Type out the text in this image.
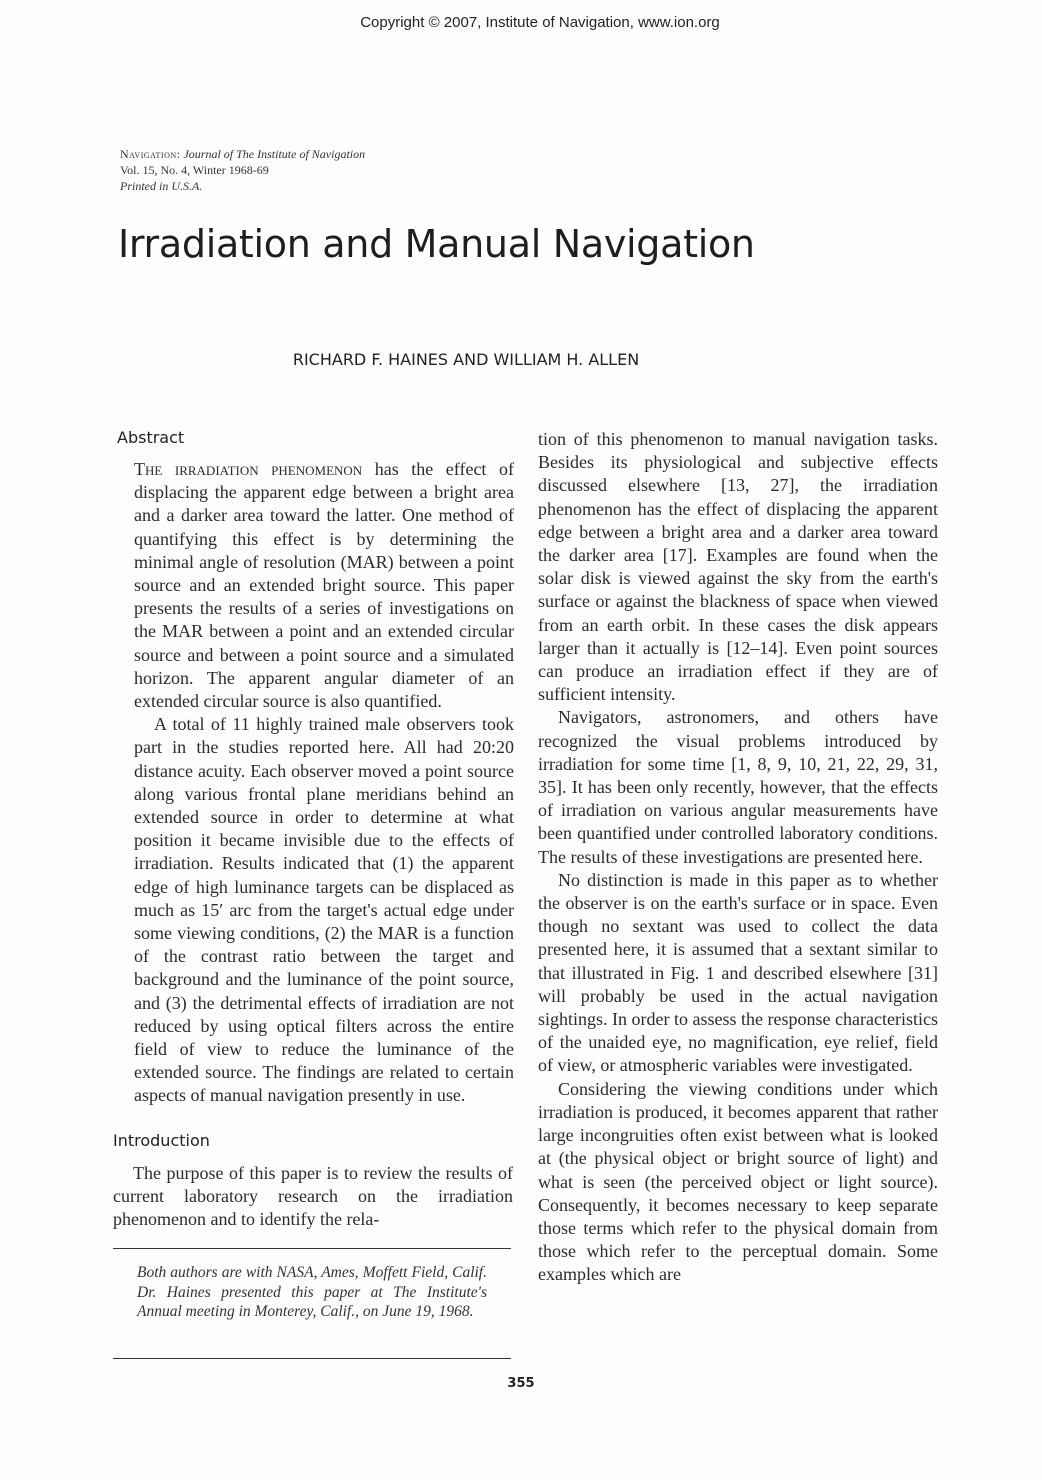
Copyright © 2007, Institute of Navigation, www.ion.org
Navigation: Journal of The Institute of Navigation
Vol. 15, No. 4, Winter 1968-69
Printed in U.S.A.
Irradiation and Manual Navigation
RICHARD F. HAINES AND WILLIAM H. ALLEN
Abstract

The irradiation phenomenon has the effect of displacing the apparent edge between a bright area and a darker area toward the latter. One method of quantifying this effect is by determining the minimal angle of resolution (MAR) between a point source and an extended bright source. This paper presents the results of a series of investigations on the MAR between a point and an extended circular source and between a point source and a simulated horizon. The apparent angular diameter of an extended circular source is also quantified.

A total of 11 highly trained male observers took part in the studies reported here. All had 20:20 distance acuity. Each observer moved a point source along various frontal plane meridians behind an extended source in order to determine at what position it became invisible due to the effects of irradiation. Results indicated that (1) the apparent edge of high luminance targets can be displaced as much as 15′ arc from the target's actual edge under some viewing conditions, (2) the MAR is a function of the contrast ratio between the target and background and the luminance of the point source, and (3) the detrimental effects of irradiation are not reduced by using optical filters across the entire field of view to reduce the luminance of the extended source. The findings are related to certain aspects of manual navigation presently in use.

Introduction

The purpose of this paper is to review the results of current laboratory research on the irradiation phenomenon and to identify the rela-

Both authors are with NASA, Ames, Moffett Field, Calif. Dr. Haines presented this paper at The Institute's Annual meeting in Monterey, Calif., on June 19, 1968.

tion of this phenomenon to manual navigation tasks. Besides its physiological and subjective effects discussed elsewhere [13, 27], the irradiation phenomenon has the effect of displacing the apparent edge between a bright area and a darker area toward the darker area [17]. Examples are found when the solar disk is viewed against the sky from the earth's surface or against the blackness of space when viewed from an earth orbit. In these cases the disk appears larger than it actually is [12–14]. Even point sources can produce an irradiation effect if they are of sufficient intensity.

Navigators, astronomers, and others have recognized the visual problems introduced by irradiation for some time [1, 8, 9, 10, 21, 22, 29, 31, 35]. It has been only recently, however, that the effects of irradiation on various angular measurements have been quantified under controlled laboratory conditions. The results of these investigations are presented here.

No distinction is made in this paper as to whether the observer is on the earth's surface or in space. Even though no sextant was used to collect the data presented here, it is assumed that a sextant similar to that illustrated in Fig. 1 and described elsewhere [31] will probably be used in the actual navigation sightings. In order to assess the response characteristics of the unaided eye, no magnification, eye relief, field of view, or atmospheric variables were investigated.

Considering the viewing conditions under which irradiation is produced, it becomes apparent that rather large incongruities often exist between what is looked at (the physical object or bright source of light) and what is seen (the perceived object or light source). Consequently, it becomes necessary to keep separate those terms which refer to the physical domain from those which refer to the perceptual domain. Some examples which are

355
